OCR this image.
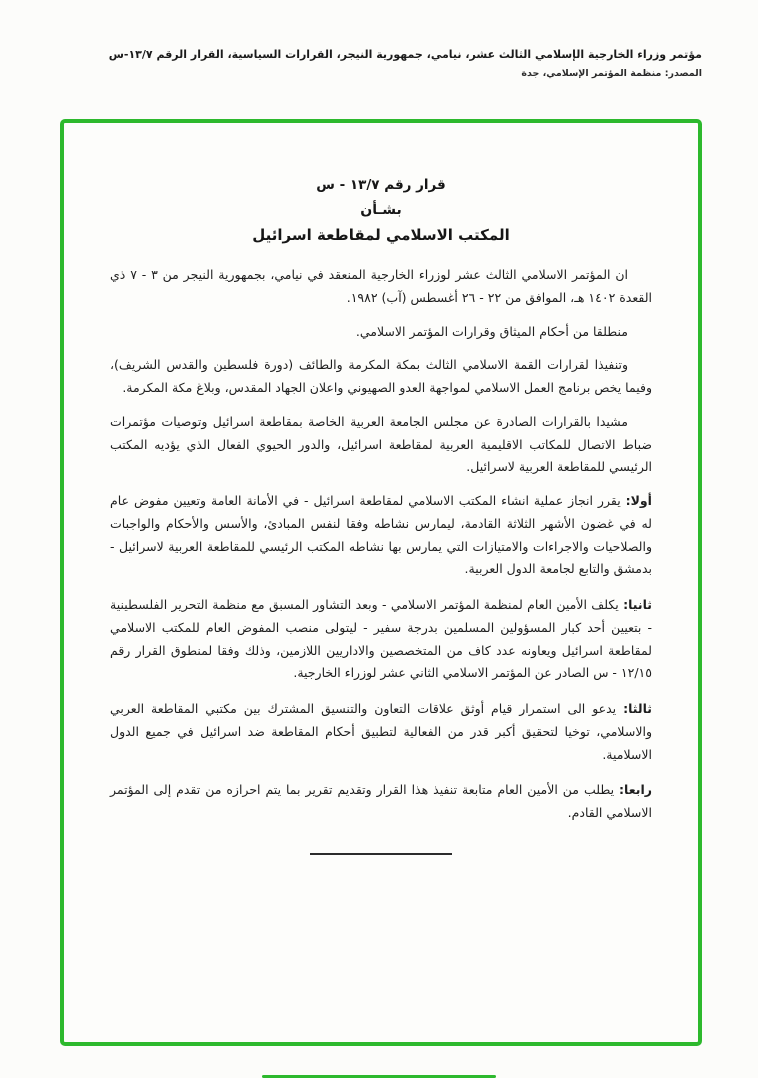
مؤتمر وزراء الخارجية الإسلامي الثالث عشر، نيامي، جمهورية النيجر، القرارات السياسية، القرار الرقم ١٣/٧-س
المصدر: منظمة المؤتمر الإسلامي، جدة
قرار رقم ١٣/٧ - س
بشـأن
المكتب الاسلامي لمقاطعة اسرائيل

ان المؤتمر الاسلامي الثالث عشر لوزراء الخارجية المنعقد في نيامي، بجمهورية النيجر من ٣ - ٧ ذي القعدة ١٤٠٢ هـ، الموافق من ٢٢ - ٢٦ أغسطس (آب) ١٩٨٢.

منطلقا من أحكام الميثاق وقرارات المؤتمر الاسلامي.

وتنفيذا لقرارات القمة الاسلامي الثالث بمكة المكرمة والطائف (دورة فلسطين والقدس الشريف)، وفيما يخص برنامج العمل الاسلامي لمواجهة العدو الصهيوني واعلان الجهاد المقدس، وبلاغ مكة المكرمة.

مشيدا بالقرارات الصادرة عن مجلس الجامعة العربية الخاصة بمقاطعة اسرائيل وتوصيات مؤتمرات ضباط الاتصال للمكاتب الاقليمية العربية لمقاطعة اسرائيل، والدور الحيوي الفعال الذي يؤديه المكتب الرئيسي للمقاطعة العربية لاسرائيل.

أولا: يقرر انجاز عملية انشاء المكتب الاسلامي لمقاطعة اسرائيل - في الأمانة العامة وتعيين مفوض عام له في غضون الأشهر الثلاثة القادمة، ليمارس نشاطه وفقا لنفس المبادئ، والأسس والأحكام والواجبات والصلاحيات والاجراءات والامتيازات التي يمارس بها نشاطه المكتب الرئيسي للمقاطعة العربية لاسرائيل - بدمشق والتابع لجامعة الدول العربية.

ثانيا: يكلف الأمين العام لمنظمة المؤتمر الاسلامي - وبعد التشاور المسبق مع منظمة التحرير الفلسطينية - بتعيين أحد كبار المسؤولين المسلمين بدرجة سفير - ليتولى منصب المفوض العام للمكتب الاسلامي لمقاطعة اسرائيل ويعاونه عدد كاف من المتخصصين والاداريين اللازمين، وذلك وفقا لمنطوق القرار رقم ١٢/١٥ - س الصادر عن المؤتمر الاسلامي الثاني عشر لوزراء الخارجية.

ثالثا: يدعو الى استمرار قيام أوثق علاقات التعاون والتنسيق المشترك بين مكتبي المقاطعة العربي والاسلامي، توخيا لتحقيق أكبر قدر من الفعالية لتطبيق أحكام المقاطعة ضد اسرائيل في جميع الدول الاسلامية.

رابعا: يطلب من الأمين العام متابعة تنفيذ هذا القرار وتقديم تقرير بما يتم احرازه من تقدم إلى المؤتمر الاسلامي القادم.
